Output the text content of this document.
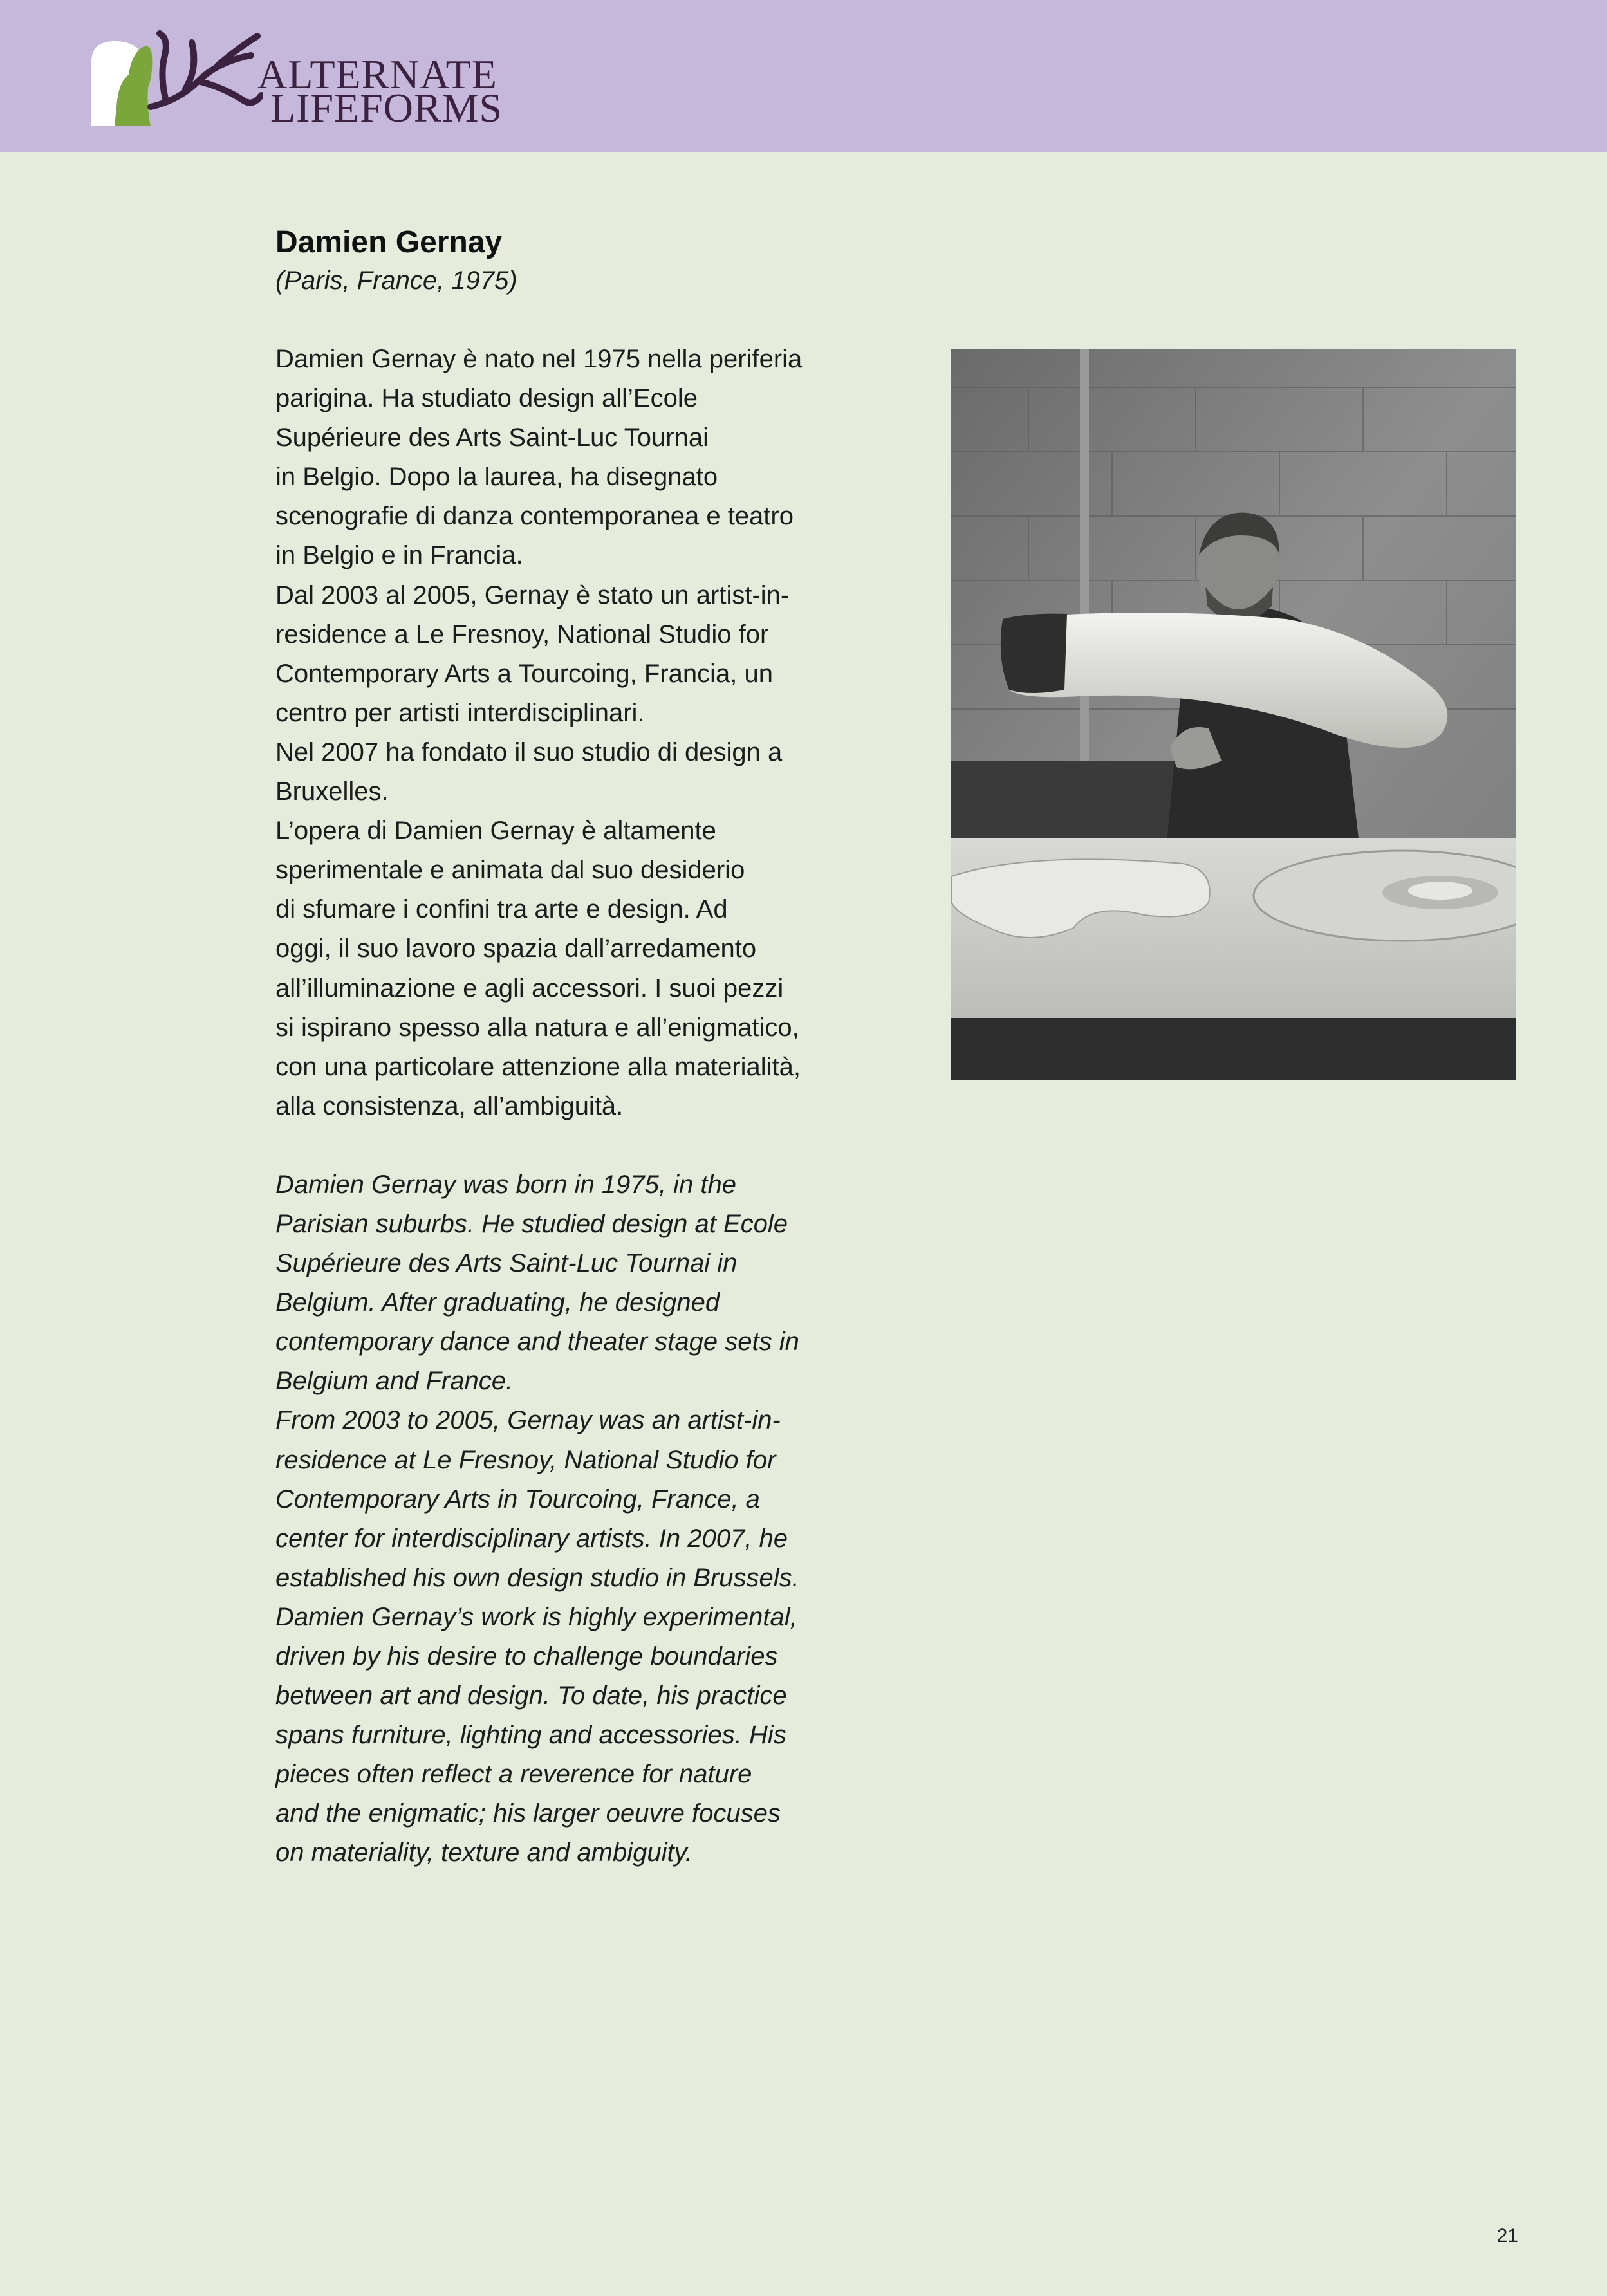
ALTERNATE
LIFEFORMS
Damien Gernay
(Paris, France, 1975)
Damien Gernay è nato nel 1975 nella periferia
parigina. Ha studiato design all’Ecole
Supérieure des Arts Saint-Luc Tournai
in Belgio. Dopo la laurea, ha disegnato
scenografie di danza contemporanea e teatro
in Belgio e in Francia.
Dal 2003 al 2005, Gernay è stato un artist-in-
residence a Le Fresnoy, National Studio for
Contemporary Arts a Tourcoing, Francia, un
centro per artisti interdisciplinari.
Nel 2007 ha fondato il suo studio di design a
Bruxelles.
L’opera di Damien Gernay è altamente
sperimentale e animata dal suo desiderio
di sfumare i confini tra arte e design. Ad
oggi, il suo lavoro spazia dall’arredamento
all’illuminazione e agli accessori. I suoi pezzi
si ispirano spesso alla natura e all’enigmatico,
con una particolare attenzione alla materialità,
alla consistenza, all’ambiguità.
Damien Gernay was born in 1975, in the
Parisian suburbs. He studied design at Ecole
Supérieure des Arts Saint-Luc Tournai in
Belgium. After graduating, he designed
contemporary dance and theater stage sets in
Belgium and France.
From 2003 to 2005, Gernay was an artist-in-
residence at Le Fresnoy, National Studio for
Contemporary Arts in Tourcoing, France, a
center for interdisciplinary artists. In 2007, he
established his own design studio in Brussels.
Damien Gernay’s work is highly experimental,
driven by his desire to challenge boundaries
between art and design. To date, his practice
spans furniture, lighting and accessories. His
pieces often reflect a reverence for nature
and the enigmatic; his larger oeuvre focuses
on materiality, texture and ambiguity.
21
